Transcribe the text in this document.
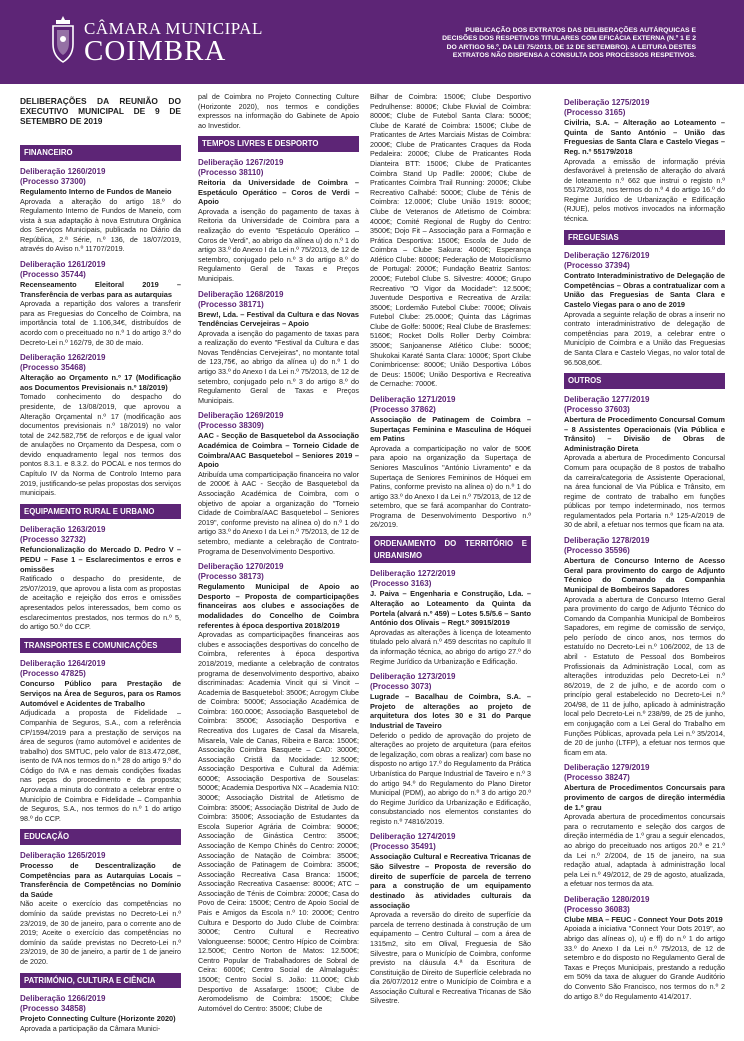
CÂMARA MUNICIPAL
COIMBRA
PUBLICAÇÃO DOS EXTRATOS DAS DELIBERAÇÕES AUTÁRQUICAS E DECISÕES DOS RESPETIVOS TITULARES COM EFICÁCIA EXTERNA (N.º 1 E 2 DO ARTIGO 56.º, DA LEI 75/2013, DE 12 DE SETEMBRO). A LEITURA DESTES EXTRATOS NÃO DISPENSA A CONSULTA DOS PROCESSOS RESPETIVOS.
DELIBERAÇÕES DA REUNIÃO DO EXECUTIVO MUNICIPAL DE 9 DE SETEMBRO DE 2019
FINANCEIRO
Deliberação 1260/2019
(Processo 37300)
Regulamento Interno de Fundos de Maneio
Aprovada a alteração do artigo 18.º do Regulamento Interno de Fundos de Maneio, com vista à sua adaptação à nova Estrutura Orgânica dos Serviços Municipais, publicada no Diário da República, 2.ª Série, n.º 136, de 18/07/2019, através do Aviso n.º 11707/2019.
Deliberação 1261/2019
(Processo 35744)
Recenseamento Eleitoral 2019 – Transferência de verbas para as autarquias
Aprovada a repartição dos valores a transferir para as Freguesias do Concelho de Coimbra, na importância total de 1.106,34€, distribuídos de acordo com o preceituado no n.º 1 do artigo 3.º do Decreto-Lei n.º 162/79, de 30 de maio.
Deliberação 1262/2019
(Processo 35468)
Alteração ao Orçamento n.º 17 (Modificação aos Documentos Previsionais n.º 18/2019)
Tomado conhecimento do despacho do presidente, de 13/08/2019, que aprovou a Alteração Orçamental n.º 17 (modificação aos documentos previsionais n.º 18/2019) no valor total de 242.582,75€ de reforços e de igual valor de anulações no Orçamento da Despesa, com o devido enquadramento legal nos termos dos pontos 8.3.1. e 8.3.2. do POCAL e nos termos do Capítulo IV da Norma de Controlo Interno para 2019, justificando-se pelas propostas dos serviços municipais.
EQUIPAMENTO RURAL E URBANO
Deliberação 1263/2019
(Processo 32732)
Refuncionalização do Mercado D. Pedro V – PEDU – Fase 1 – Esclarecimentos e erros e omissões
Ratificado o despacho do presidente, de 25/07/2019, que aprovou a lista com as propostas de aceitação e rejeição dos erros e omissões apresentados pelos interessados, bem como os esclarecimentos prestados, nos termos do n.º 5, do artigo 50.º do CCP.
TRANSPORTES E COMUNICAÇÕES
Deliberação 1264/2019
(Processo 47825)
Concurso Público para Prestação de Serviços na Área de Seguros, para os Ramos Automóvel e Acidentes de Trabalho
Adjudicada a proposta de Fidelidade – Companhia de Seguros, S.A., com a referência CP/1594/2019 para a prestação de serviços na área de seguros (ramo automóvel e acidentes de trabalho) dos SMTUC, pelo valor de 813.472,08€, isento de IVA nos termos do n.º 28 do artigo 9.º do Código do IVA e nas demais condições fixadas nas peças do procedimento e da proposta; Aprovada a minuta do contrato a celebrar entre o Município de Coimbra e Fidelidade – Companhia de Seguros, S.A., nos termos do n.º 1 do artigo 98.º do CCP.
EDUCAÇÃO
Deliberação 1265/2019
Processo de Descentralização de Competências para as Autarquias Locais – Transferência de Competências no Domínio da Saúde
Não aceite o exercício das competências no domínio da saúde previstas no Decreto-Lei n.º 23/2019, de 30 de janeiro, para o corrente ano de 2019; Aceite o exercício das competências no domínio da saúde previstas no Decreto-Lei n.º 23/2019, de 30 de janeiro, a partir de 1 de janeiro de 2020.
PATRIMÓNIO, CULTURA E CIÊNCIA
Deliberação 1266/2019
(Processo 34858)
Projeto Connecting Culture (Horizonte 2020)
Aprovada a participação da Câmara Munici-
pal de Coimbra no Projeto Connecting Culture (Horizonte 2020), nos termos e condições expressos na informação do Gabinete de Apoio ao Investidor.
TEMPOS LIVRES E DESPORTO
Deliberação 1267/2019
(Processo 38110)
Reitoria da Universidade de Coimbra – Espetáculo Operático – Coros de Verdi – Apoio
Aprovada a isenção do pagamento de taxas à Reitoria da Universidade de Coimbra para a realização do evento "Espetáculo Operático – Coros de Verdi", ao abrigo da alínea u) do n.º 1 do artigo 33.º do Anexo I da Lei n.º 75/2013, de 12 de setembro, conjugado pelo n.º 3 do artigo 8.º do Regulamento Geral de Taxas e Preços Municipais.
Deliberação 1268/2019
(Processo 38171)
Brew!, Lda. – Festival da Cultura e das Novas Tendências Cervejeiras – Apoio
Aprovada a isenção do pagamento de taxas para a realização do evento "Festival da Cultura e das Novas Tendências Cervejeiras", no montante total de 123,75€, ao abrigo da alínea u) do n.º 1 do artigo 33.º do Anexo I da Lei n.º 75/2013, de 12 de setembro, conjugado pelo n.º 3 do artigo 8.º do Regulamento Geral de Taxas e Preços Municipais.
Deliberação 1269/2019
(Processo 38309)
AAC - Secção de Basquetebol da Associação Académica de Coimbra – Torneio Cidade de Coimbra/AAC Basquetebol – Seniores 2019 – Apoio
Atribuída uma comparticipação financeira no valor de 2000€ à AAC - Secção de Basquetebol da Associação Académica de Coimbra, com o objetivo de apoiar a organização do "Torneio Cidade de Coimbra/AAC Basquetebol – Seniores 2019", conforme previsto na alínea o) do n.º 1 do artigo 33.º do Anexo I da Lei n.º 75/2013, de 12 de setembro, mediante a celebração de Contrato-Programa de Desenvolvimento Desportivo.
Deliberação 1270/2019
(Processo 38173)
Regulamento Municipal de Apoio ao Desporto – Proposta de comparticipações financeiras aos clubes e associações de modalidades do Concelho de Coimbra referentes à época desportiva 2018/2019
Aprovadas as comparticipações financeiras aos clubes e associações desportivas do concelho de Coimbra, referentes à época desportiva 2018/2019, mediante a celebração de contratos programa de desenvolvimento desportivo, abaixo discriminadas: Academia Vincit qui si Vincit – Academia de Basquetebol: 3500€; Acrogym Clube de Coimbra: 5000€; Associação Académica de Coimbra: 160.000€; Associação Basquetebol de Coimbra: 3500€; Associação Desportiva e Recreativa dos Lugares de Casal da Misarela, Misarela, Vale de Canas, Ribeira e Barca: 1500€; Associação Coimbra Basquete – CAD: 3000€; Associação Cristã da Mocidade: 12.500€; Associação Desportiva e Cultural da Adémia: 6000€; Associação Desportiva de Souselas: 5000€; Academia Desportiva NX – Academia N10: 3000€; Associação Distrital de Atletismo de Coimbra: 3500€; Associação Distrital de Judo de Coimbra: 3500€; Associação de Estudantes da Escola Superior Agrária de Coimbra: 9000€; Associação de Ginástica Centro: 3500€; Associação de Kempo Chinês do Centro: 2000€; Associação de Natação de Coimbra: 3500€; Associação de Patinagem de Coimbra: 3500€; Associação Recreativa Casa Branca: 1500€; Associação Recreativa Casaense: 8000€; ATC – Associação de Ténis de Coimbra: 2000€; Casa do Povo de Ceira: 1500€; Centro de Apoio Social de Pais e Amigos da Escola n.º 10: 2000€; Centro Cultura e Desporto do Judo Clube de Coimbra: 3000€; Centro Cultural e Recreativo Valongueense: 5000€; Centro Hípico de Coimbra: 12.500€; Centro Norton de Matos: 12.500€; Centro Popular de Trabalhadores de Sobral de Ceira: 6000€; Centro Social de Almalaguês: 1500€; Centro Social S. João: 11.000€; Club Desportivo de Assafarge: 1500€; Clube de Aeromodelismo de Coimbra: 1500€; Clube Automóvel do Centro: 3500€; Clube de
Bilhar de Coimbra: 1500€; Clube Desportivo Pedrulhense: 8000€; Clube Fluvial de Coimbra: 8000€; Clube de Futebol Santa Clara: 5000€; Clube de Karaté de Coimbra: 1500€; Clube de Praticantes de Artes Marciais Mistas de Coimbra: 2000€; Clube de Praticantes Craques da Roda Pedaleira: 2000€; Clube de Praticantes Roda Dianteira BTT: 1500€; Clube de Praticantes Coimbra Stand Up Padlle: 2000€; Clube de Praticantes Coimbra Trail Running: 2000€; Clube Recreativo Calhabé: 5000€; Clube de Ténis de Coimbra: 12.000€; Clube União 1919: 8000€; Clube de Veteranos de Atletismo de Coimbra: 4000€; Comité Regional de Rugby do Centro: 3500€; Dojo Fit – Associação para a Formação e Prática Desportiva: 1500€; Escola de Judo de Coimbra – Clube Sakura: 4000€; Esperança Atlético Clube: 8000€; Federação de Motociclismo de Portugal: 2000€; Fundação Beatriz Santos: 2000€; Futebol Clube S. Silvestre: 4000€; Grupo Recreativo "O Vigor da Mocidade": 12.500€; Juventude Desportiva e Recreativa de Arzila: 3500€; Lordemão Futebol Clube: 7000€; Olivais Futebol Clube: 25.000€; Quinta das Lágrimas Clube de Golfe: 5000€; Real Clube de Brasfemes: 5160€; Rocket Dolls Roller Derby Coimbra: 3500€; Sanjoanense Atlético Clube: 5000€; Shukokai Karaté Santa Clara: 1000€; Sport Clube Conimbricense: 8000€; União Desportiva Lóbos de Deus: 1500€; União Desportiva e Recreativa de Cernache: 7000€.
Deliberação 1271/2019
(Processo 37862)
Associação de Patinagem de Coimbra – Supertaças Feminina e Masculina de Hóquei em Patins
Aprovada a comparticipação no valor de 500€ para apoio na organização da Supertaça de Seniores Masculinos "António Livramento" e da Supertaça de Seniores Femininos de Hóquei em Patins, conforme previsto na alínea o) do n.º 1 do artigo 33.º do Anexo I da Lei n.º 75/2013, de 12 de setembro, que se fará acompanhar do Contrato-Programa de Desenvolvimento Desportivo n.º 26/2019.
ORDENAMENTO DO TERRITÓRIO E URBANISMO
Deliberação 1272/2019
(Processo 3163)
J. Paiva – Engenharia e Construção, Lda. – Alteração ao Loteamento da Quinta da Portela (alvará n.º 459) – Lotes 5.5/5.6 – Santo António dos Olivais – Regt.º 30915/2019
Aprovadas as alterações à licença de loteamento titulado pelo alvará n.º 459 descritas no capítulo II da informação técnica, ao abrigo do artigo 27.º do Regime Jurídico da Urbanização e Edificação.
Deliberação 1273/2019
(Processo 3073)
Lugrade – Bacalhau de Coimbra, S.A. – Projeto de alterações ao projeto de arquitetura dos lotes 30 e 31 do Parque Industrial de Taveiro
Deferido o pedido de aprovação do projeto de alterações ao projeto de arquitetura (para efeitos de legalização, com obras a realizar) com base no disposto no artigo 17.º do Regulamento da Prática Urbanística do Parque Industrial de Taveiro e n.º 3 do artigo 94.º do Regulamento do Plano Diretor Municipal (PDM), ao abrigo do n.º 3 do artigo 20.º do Regime Jurídico da Urbanização e Edificação, consubstanciado nos elementos constantes do registo n.º 74816/2019.
Deliberação 1274/2019
(Processo 35491)
Associação Cultural e Recreativa Tricanas de São Silvestre – Proposta de reversão do direito de superfície de parcela de terreno para a construção de um equipamento destinado às atividades culturais da associação
Aprovada a reversão do direito de superfície da parcela de terreno destinada à construção de um equipamento – Centro Cultural – com a área de 1315m2, sito em Olival, Freguesia de São Silvestre, para o Município de Coimbra, conforme previsto na cláusula 4.ª da Escritura de Constituição de Direito de Superfície celebrada no dia 26/07/2012 entre o Município de Coimbra e a Associação Cultural e Recreativa Tricanas de São Silvestre.
Deliberação 1275/2019
(Processo 3165)
Civilria, S.A. – Alteração ao Loteamento – Quinta de Santo António – União das Freguesias de Santa Clara e Castelo Viegas – Reg. n.º 55179/2018
Aprovada a emissão de informação prévia desfavorável à pretensão de alteração do alvará de loteamento n.º 662 que instrui o registo n.º 55179/2018, nos termos do n.º 4 do artigo 16.º do Regime Jurídico de Urbanização e Edificação (RJUE), pelos motivos invocados na informação técnica.
FREGUESIAS
Deliberação 1276/2019
(Processo 37394)
Contrato Interadministrativo de Delegação de Competências – Obras a contratualizar com a União das Freguesias de Santa Clara e Castelo Viegas para o ano de 2019
Aprovada a seguinte relação de obras a inserir no contrato interadministrativo de delegação de competências para 2019, a celebrar entre o Município de Coimbra e a União das Freguesias de Santa Clara e Castelo Viegas, no valor total de 96.508,60€.
OUTROS
Deliberação 1277/2019
(Processo 37603)
Abertura de Procedimento Concursal Comum – 8 Assistentes Operacionais (Via Pública e Trânsito) – Divisão de Obras de Administração Direta
Aprovada a abertura de Procedimento Concursal Comum para ocupação de 8 postos de trabalho da carreira/categoria de Assistente Operacional, na área funcional de Via Pública e Trânsito, em regime de contrato de trabalho em funções públicas por tempo indeterminado, nos termos regulamentados pela Portaria n.º 125-A/2019 de 30 de abril, a efetuar nos termos que ficam na ata.
Deliberação 1278/2019
(Processo 35596)
Abertura de Concurso Interno de Acesso Geral para provimento do cargo de Adjunto Técnico do Comando da Companhia Municipal de Bombeiros Sapadores
Aprovada a abertura de Concurso Interno Geral para provimento do cargo de Adjunto Técnico do Comando da Companhia Municipal de Bombeiros Sapadores, em regime de comissão de serviço, pelo período de cinco anos, nos termos do estatuído no Decreto-Lei n.º 106/2002, de 13 de abril - Estatuto de Pessoal dos Bombeiros Profissionais da Administração Local, com as alterações introduzidas pelo Decreto-Lei n.º 86/2019, de 2 de julho, e de acordo com o princípio geral estabelecido no Decreto-Lei n.º 204/98, de 11 de julho, aplicado à administração local pelo Decreto-Lei n.º 238/99, de 25 de junho, em conjugação com a Lei Geral do Trabalho em Funções Públicas, aprovada pela Lei n.º 35/2014, de 20 de junho (LTFP), a efetuar nos termos que ficam em ata.
Deliberação 1279/2019
(Processo 38247)
Abertura de Procedimentos Concursais para provimento de cargos de direção intermédia de 1.º grau
Aprovada abertura de procedimentos concursais para o recrutamento e seleção dos cargos de direção intermédia de 1.º grau a seguir elencados, ao abrigo do preceituado nos artigos 20.º e 21.º da Lei n.º 2/2004, de 15 de janeiro, na sua redação atual, adaptada à administração local pela Lei n.º 49/2012, de 29 de agosto, atualizada, a efetuar nos termos da ata.
Deliberação 1280/2019
(Processo 36083)
Clube MBA – FEUC - Connect Your Dots 2019
Apoiada a iniciativa "Connect Your Dots 2019", ao abrigo das alíneas o), u) e ff) do n.º 1 do artigo 33.º do Anexo I da Lei n.º 75/2013, de 12 de setembro e do disposto no Regulamento Geral de Taxas e Preços Municipais, prestando a redução em 50% da taxa de aluguer do Grande Auditório do Convento São Francisco, nos termos do n.º 2 do artigo 8.º do Regulamento 414/2017.
